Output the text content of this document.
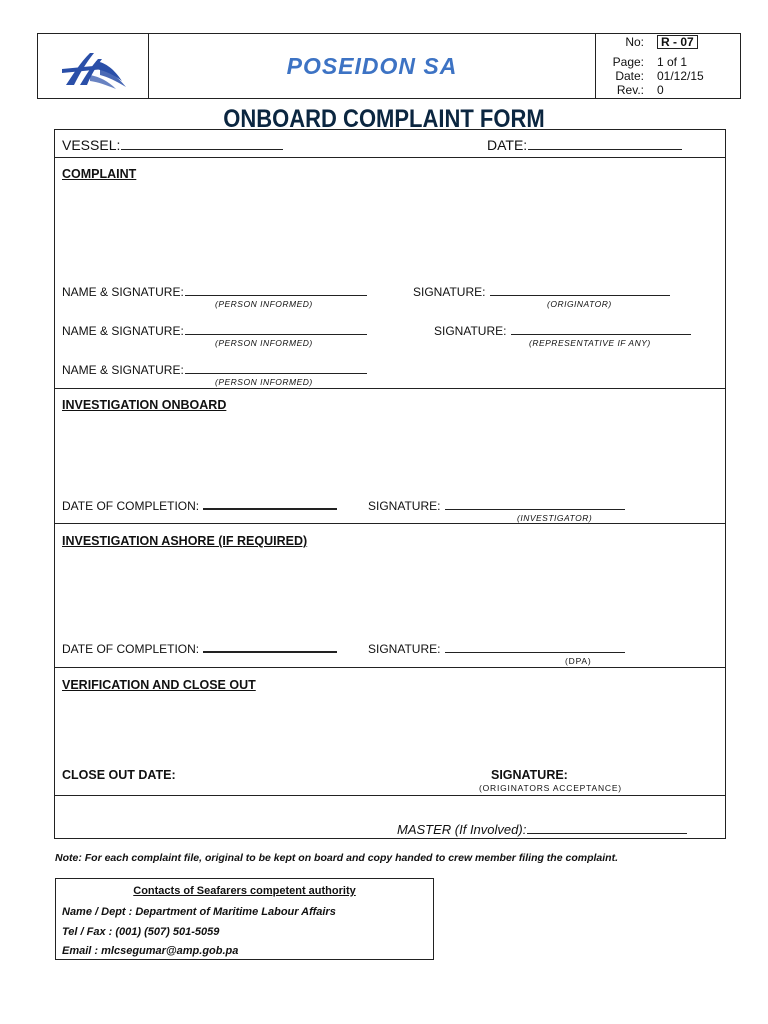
POSEIDON SA
No:	R - 07
Page: 1 of 1
Date: 01/12/15
Rev.: 0
ONBOARD COMPLAINT FORM
VESSEL:	DATE:
COMPLAINT
NAME & SIGNATURE:
(PERSON INFORMED)
SIGNATURE:
(ORIGINATOR)
NAME & SIGNATURE:
(PERSON INFORMED)
SIGNATURE:
(REPRESENTATIVE IF ANY)
NAME & SIGNATURE:
(PERSON INFORMED)
INVESTIGATION ONBOARD
DATE OF COMPLETION:	SIGNATURE:
(INVESTIGATOR)
INVESTIGATION ASHORE (IF REQUIRED)
DATE OF COMPLETION:	SIGNATURE:
(DPA)
VERIFICATION AND CLOSE OUT
CLOSE OUT DATE:	SIGNATURE:
(ORIGINATORS ACCEPTANCE)
MASTER (If Involved):
Note: For each complaint file, original to be kept on board and copy handed to crew member filing the complaint.
Contacts of Seafarers competent authority
Name / Dept : Department of Maritime Labour Affairs
Tel / Fax : (001) (507) 501-5059
Email : mlcsegumar@amp.gob.pa
